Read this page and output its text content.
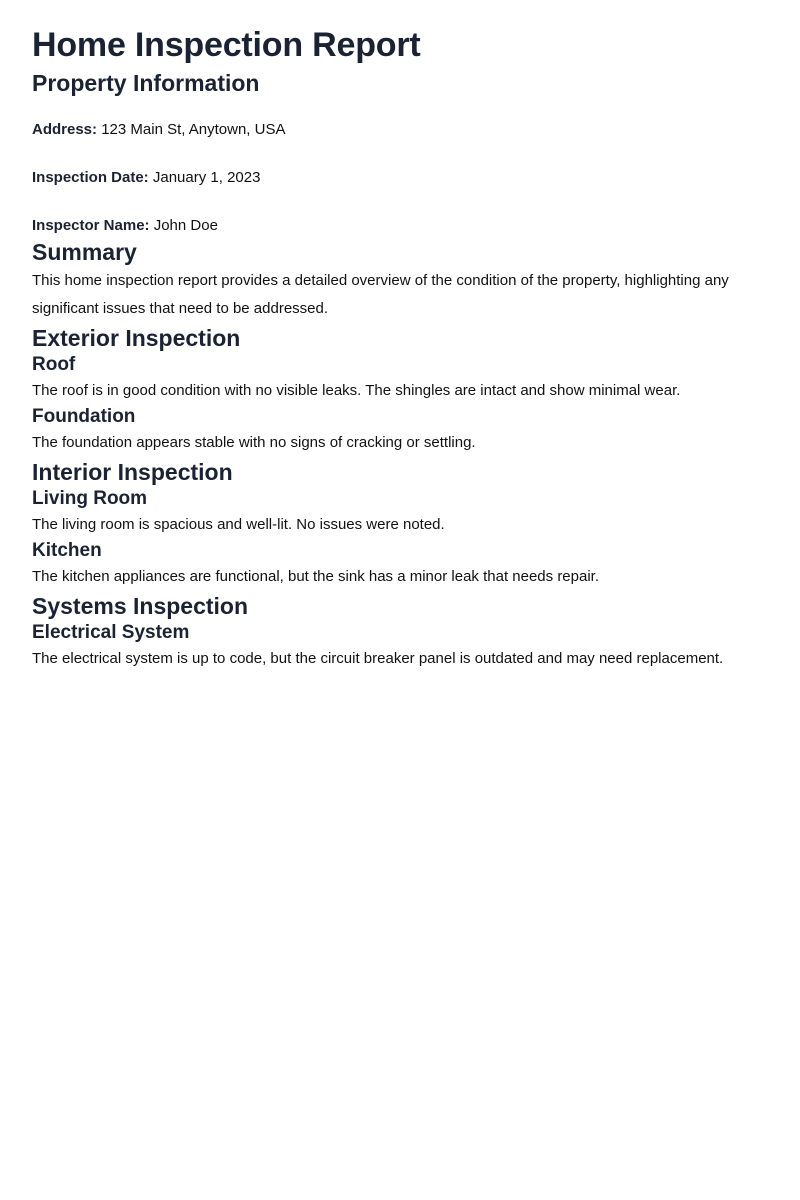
Home Inspection Report
Property Information

Address: 123 Main St, Anytown, USA

Inspection Date: January 1, 2023

Inspector Name: John Doe

Summary

This home inspection report provides a detailed overview of the condition of the property, highlighting any significant issues that need to be addressed.

Exterior Inspection
Roof

The roof is in good condition with no visible leaks. The shingles are intact and show minimal wear.

Foundation

The foundation appears stable with no signs of cracking or settling.

Interior Inspection
Living Room

The living room is spacious and well-lit. No issues were noted.

Kitchen

The kitchen appliances are functional, but the sink has a minor leak that needs repair.

Systems Inspection
Electrical System

The electrical system is up to code, but the circuit breaker panel is outdated and may need replacement.
